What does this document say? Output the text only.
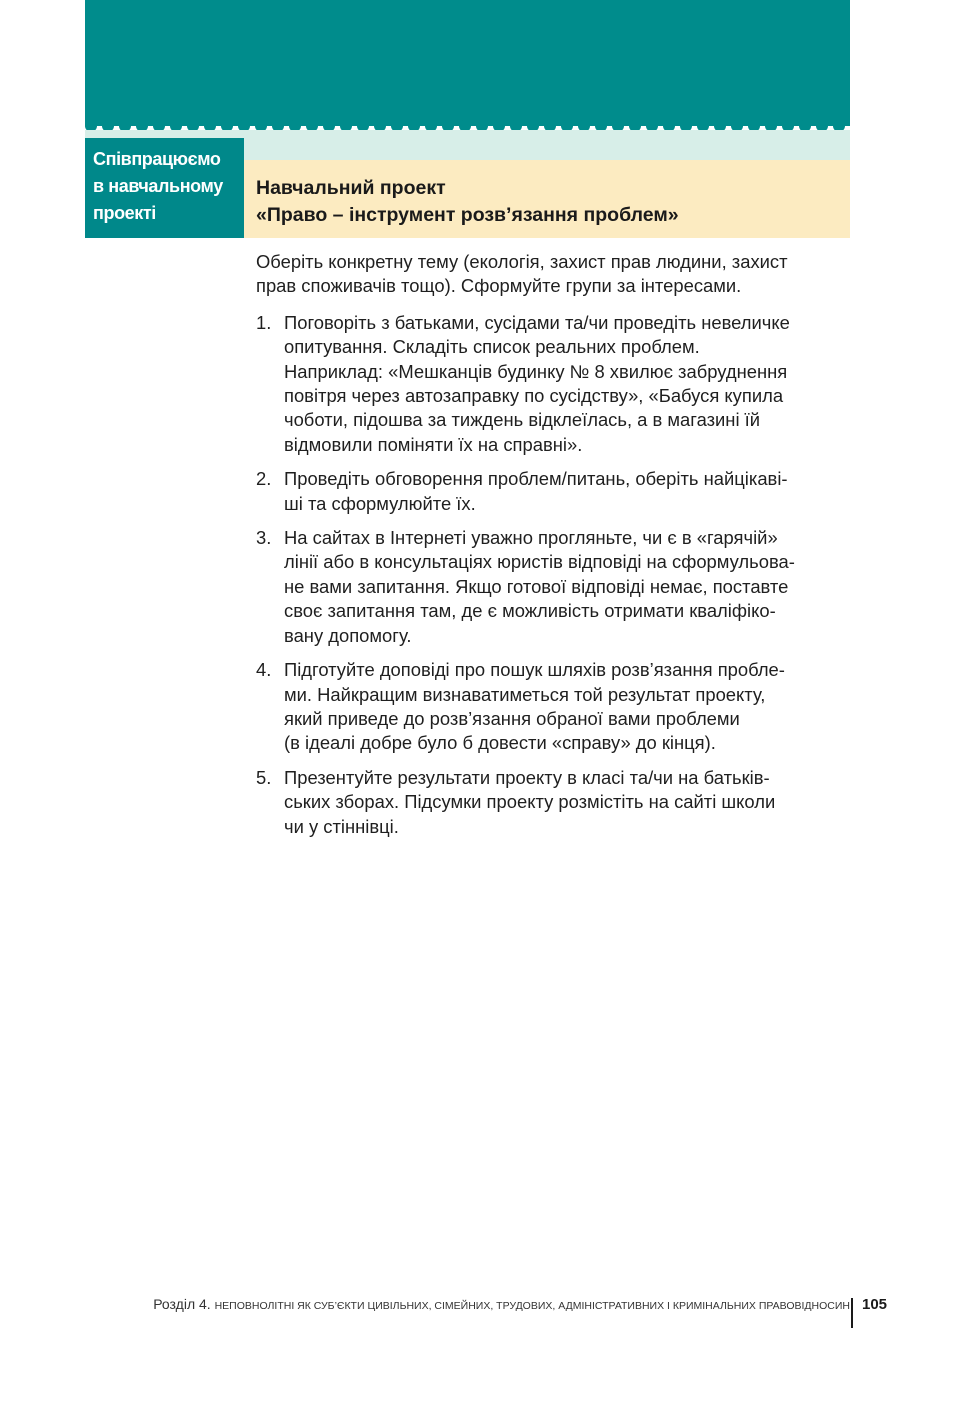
Співпрацюємо
в навчальному
проекті
Навчальний проект
«Право – інструмент розв’язання проблем»
Оберіть конкретну тему (екологія, захист прав людини, захист
прав споживачів тощо). Сформуйте групи за інтересами.
1. Поговоріть з батьками, сусідами та/чи проведіть невеличке
опитування. Складіть список реальних проблем.
Наприклад: «Мешканців будинку № 8 хвилює забруднення
повітря через автозаправку по сусідству», «Бабуся купила
чоботи, підошва за тиждень відклеїлась, а в магазині їй
відмовили поміняти їх на справні».
2. Проведіть обговорення проблем/питань, оберіть найцікаві-
ші та сформулюйте їх.
3. На сайтах в Інтернеті уважно прогляньте, чи є в «гарячій»
лінії або в консультаціях юристів відповіді на сформульова-
не вами запитання. Якщо готової відповіді немає, поставте
своє запитання там, де є можливість отримати кваліфіко-
вану допомогу.
4. Підготуйте доповіді про пошук шляхів розв’язання пробле-
ми. Найкращим визнаватиметься той результат проекту,
який приведе до розв’язання обраної вами проблеми
(в ідеалі добре було б довести «справу» до кінця).
5. Презентуйте результати проекту в класі та/чи на батьків-
ських зборах. Підсумки проекту розмістіть на сайті школи
чи у стіннівці.
Розділ 4. НЕПОВНОЛІТНІ ЯК СУБ’ЄКТИ ЦИВІЛЬНИХ, СІМЕЙНИХ, ТРУДОВИХ, АДМІНІСТРАТИВНИХ І КРИМІНАЛЬНИХ ПРАВОВІДНОСИН 105
